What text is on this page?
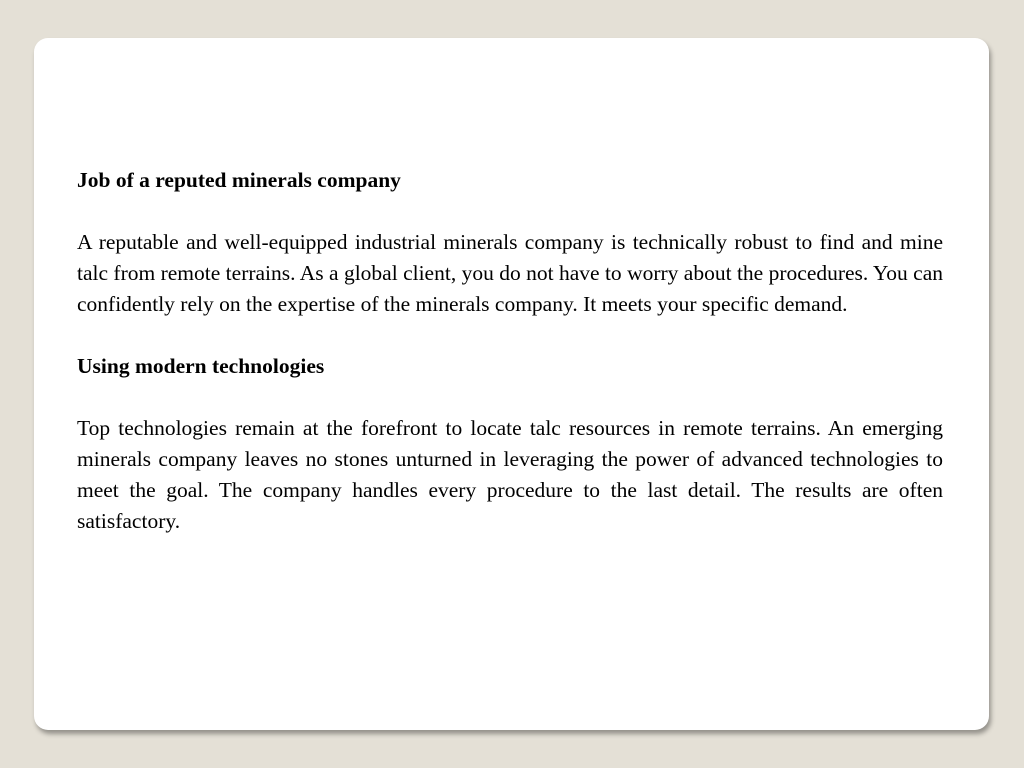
Job of a reputed minerals company

A reputable and well-equipped industrial minerals company is technically robust to find and mine talc from remote terrains. As a global client, you do not have to worry about the procedures. You can confidently rely on the expertise of the minerals company. It meets your specific demand.

Using modern technologies

Top technologies remain at the forefront to locate talc resources in remote terrains. An emerging minerals company leaves no stones unturned in leveraging the power of advanced technologies to meet the goal. The company handles every procedure to the last detail. The results are often satisfactory.
